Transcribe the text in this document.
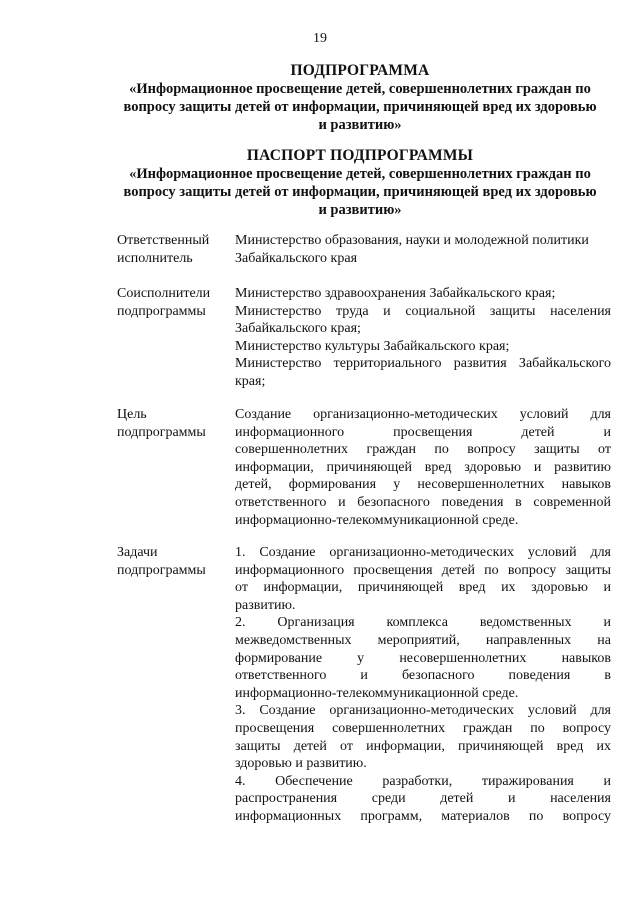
19
ПОДПРОГРАММА
«Информационное просвещение детей, совершеннолетних граждан по
вопросу защиты детей от информации, причиняющей вред их здоровью
и развитию»
ПАСПОРТ ПОДПРОГРАММЫ
«Информационное просвещение детей, совершеннолетних граждан по
вопросу защиты детей от информации, причиняющей вред их здоровью
и развитию»
Ответственный
исполнитель
Министерство образования, науки и молодежной политики
Забайкальского края
Соисполнители
подпрограммы
Министерство здравоохранения Забайкальского края;
Министерство труда и социальной защиты населения
Забайкальского края;
Министерство культуры Забайкальского края;
Министерство территориального развития Забайкальского
края;
Цель
подпрограммы
Создание организационно-методических условий для
информационного просвещения детей и
совершеннолетних граждан по вопросу защиты от
информации, причиняющей вред здоровью и развитию
детей, формирования у несовершеннолетних навыков
ответственного и безопасного поведения в современной
информационно-телекоммуникационной среде.
Задачи
подпрограммы
1. Создание организационно-методических условий для
информационного просвещения детей по вопросу защиты
от информации, причиняющей вред их здоровью и
развитию.
2. Организация комплекса ведомственных и
межведомственных мероприятий, направленных на
формирование у несовершеннолетних навыков
ответственного и безопасного поведения в
информационно-телекоммуникационной среде.
3. Создание организационно-методических условий для
просвещения совершеннолетних граждан по вопросу
защиты детей от информации, причиняющей вред их
здоровью и развитию.
4. Обеспечение разработки, тиражирования и
распространения среди детей и населения
информационных программ, материалов по вопросу
